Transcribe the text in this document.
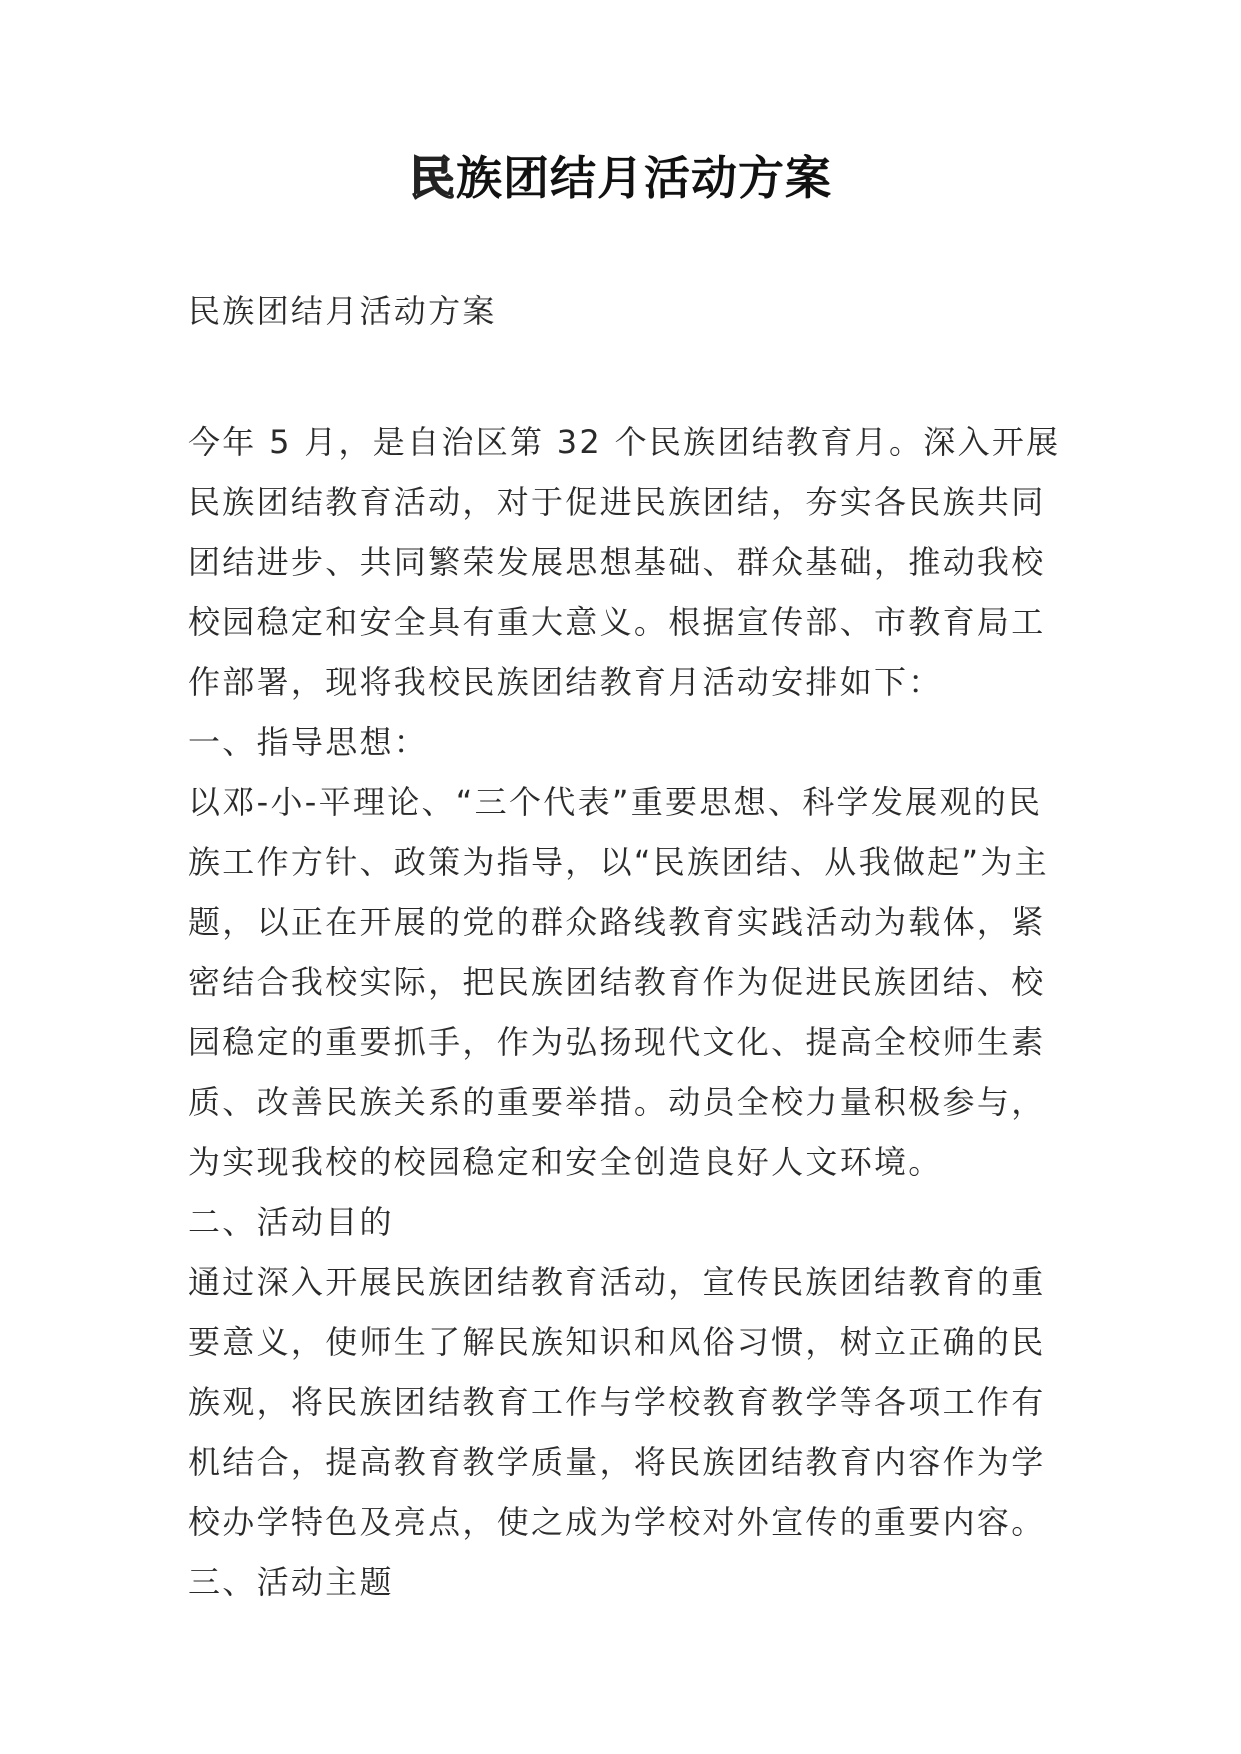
民族团结月活动方案

民族团结月活动方案

今年 5 月，是自治区第 32 个民族团结教育月。深入开展民族团结教育活动，对于促进民族团结，夯实各民族共同团结进步、共同繁荣发展思想基础、群众基础，推动我校校园稳定和安全具有重大意义。根据宣传部、市教育局工作部署，现将我校民族团结教育月活动安排如下：

一、指导思想：

以邓-小-平理论、“三个代表”重要思想、科学发展观的民族工作方针、政策为指导，以“民族团结、从我做起”为主题，以正在开展的党的群众路线教育实践活动为载体，紧密结合我校实际，把民族团结教育作为促进民族团结、校园稳定的重要抓手，作为弘扬现代文化、提高全校师生素质、改善民族关系的重要举措。动员全校力量积极参与，为实现我校的校园稳定和安全创造良好人文环境。

二、活动目的

通过深入开展民族团结教育活动，宣传民族团结教育的重要意义，使师生了解民族知识和风俗习惯，树立正确的民族观，将民族团结教育工作与学校教育教学等各项工作有机结合，提高教育教学质量，将民族团结教育内容作为学校办学特色及亮点，使之成为学校对外宣传的重要内容。

三、活动主题
